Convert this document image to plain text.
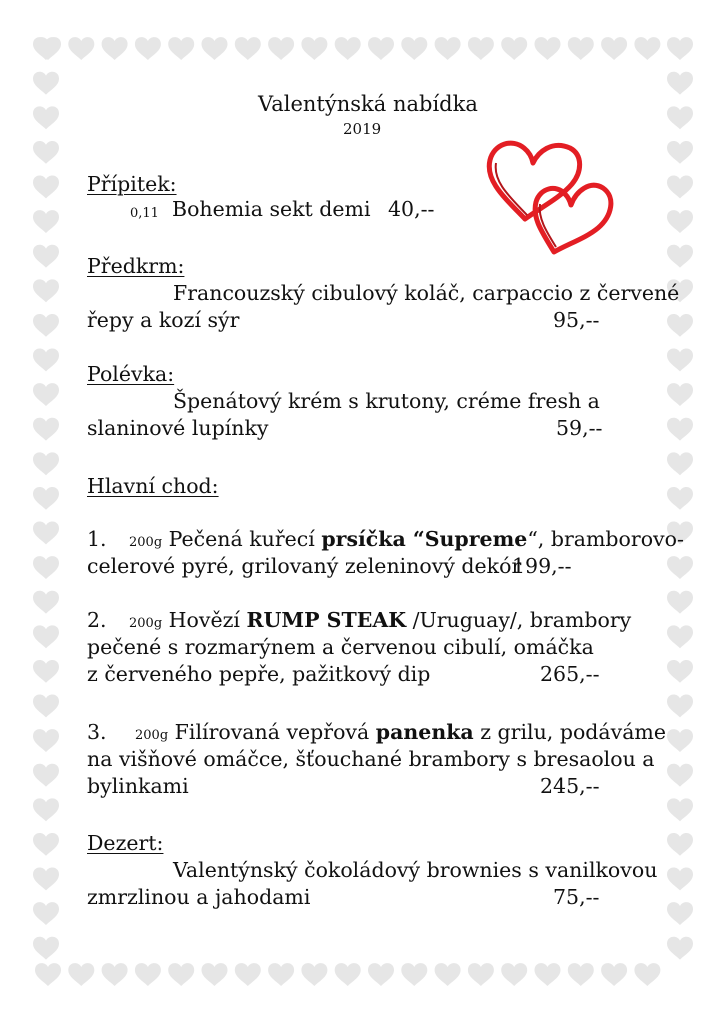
Valentýnská nabídka
2019
Přípitek:
0,11 Bohemia sekt demi 40,--
Předkrm:
Francouzský cibulový koláč, carpaccio z červené
řepy a kozí sýr	95,--
Polévka:
Špenátový krém s krutony, créme fresh a
slaninové lupínky	59,--
Hlavní chod:
1. 200g Pečená kuřecí prsíčka “Supreme“, bramborovo-
celerové pyré, grilovaný zeleninový dekór
199,--
2. 200g Hovězí RUMP STEAK /Uruguay/, brambory
pečené s rozmarýnem a červenou cibulí, omáčka
z červeného pepře, pažitkový dip	265,--
3. 200g Filírovaná vepřová panenka z grilu, podáváme
na višňové omáčce, šťouchané brambory s bresaolou a
bylinkami	245,--
Dezert:
Valentýnský čokoládový brownies s vanilkovou
zmrzlinou a jahodami	75,--
